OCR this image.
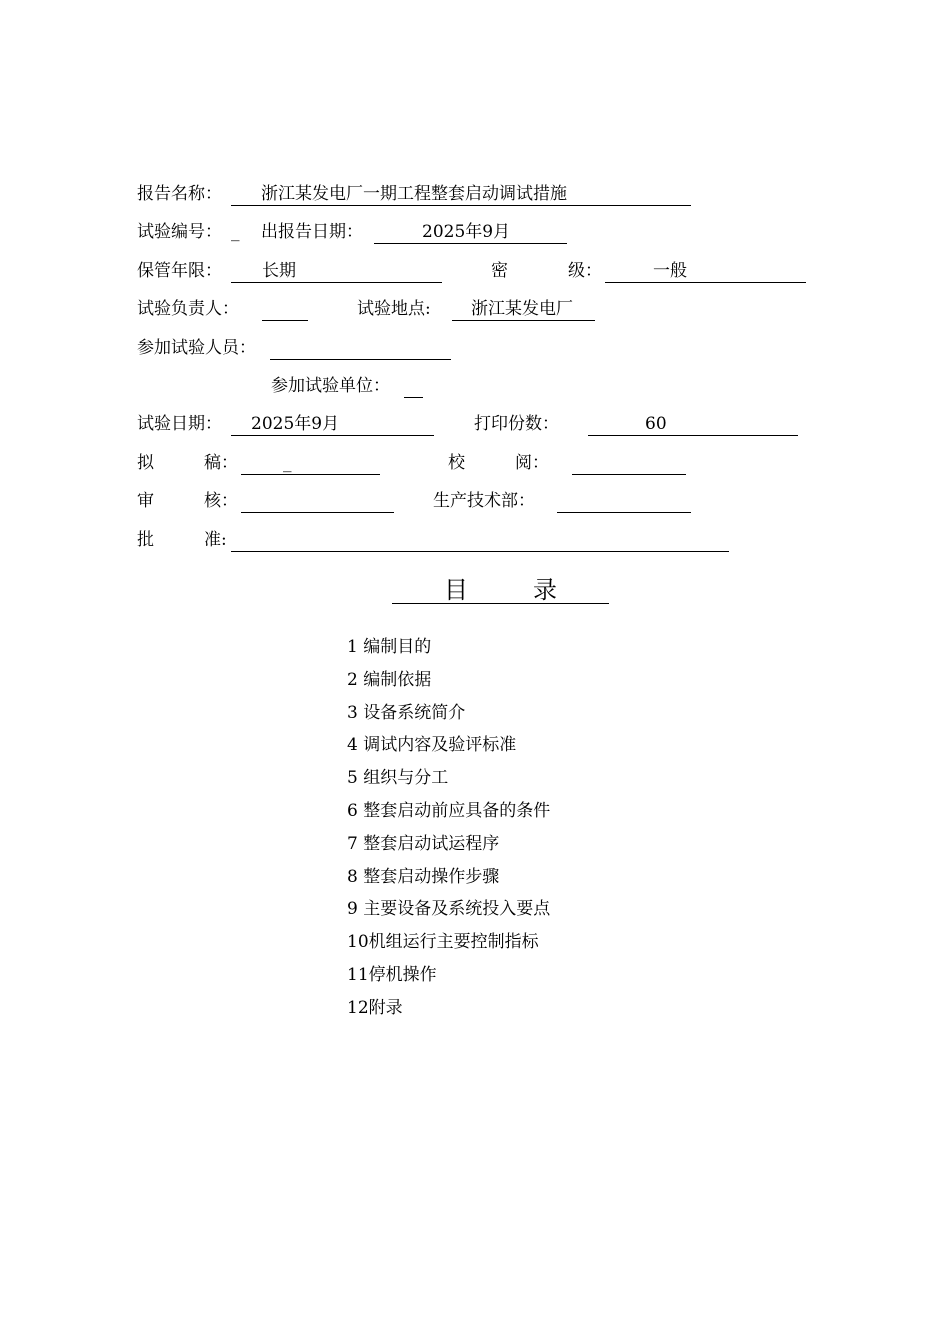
报告名称： 浙江某发电厂一期工程整套启动调试措施
试验编号： _ 出报告日期：	2025年9月
保管年限： 长期	密	级：	一般
试验负责人：	试验地点: 浙江某发电厂
参加试验人员：
参加试验单位：
试验日期： 2025年9月	打印份数：	60
拟	稿：	_	校	阅：
审	核：	生产技术部：
批	准:
目	录
1 编制目的
2 编制依据
3 设备系统简介
4 调试内容及验评标准
5 组织与分工
6 整套启动前应具备的条件
7 整套启动试运程序
8 整套启动操作步骤
9 主要设备及系统投入要点
10机组运行主要控制指标
11停机操作
12附录
